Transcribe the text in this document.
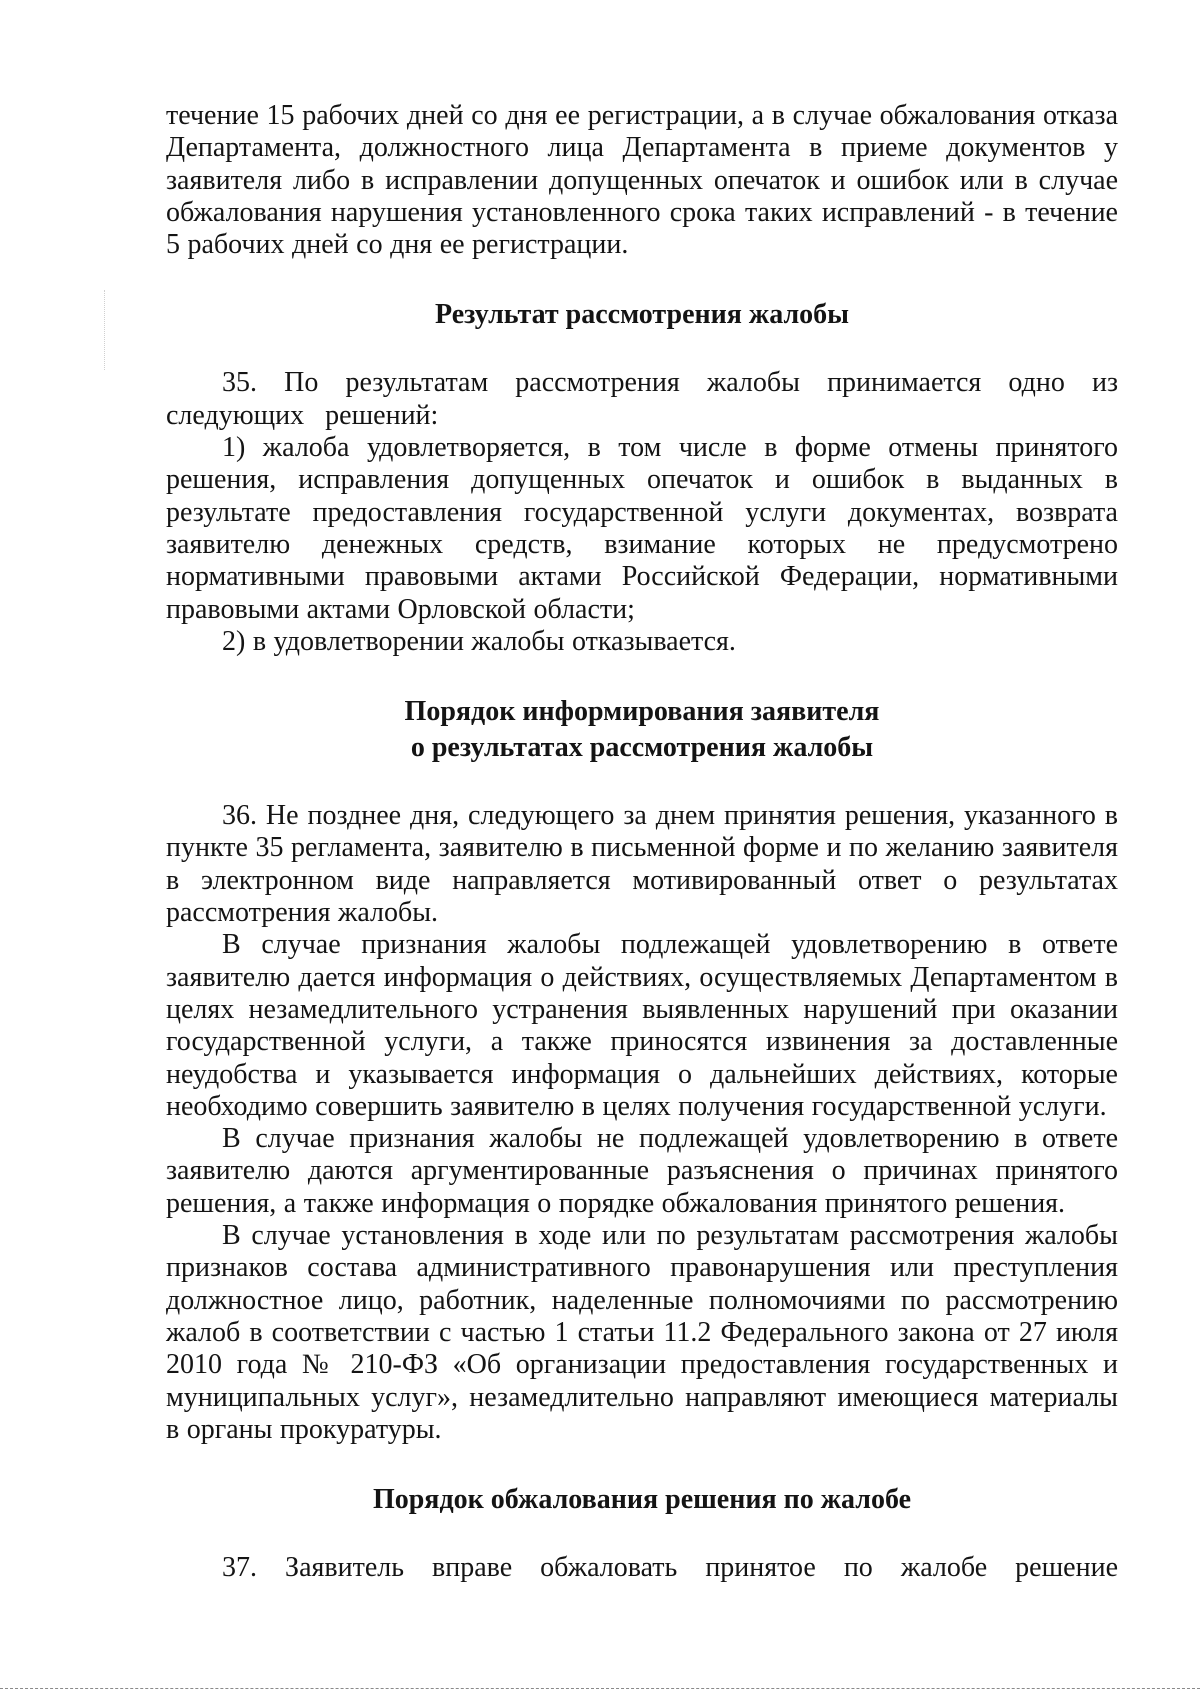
течение 15 рабочих дней со дня ее регистрации, а в случае обжалования отказа Департамента, должностного лица Департамента в приеме документов у заявителя либо в исправлении допущенных опечаток и ошибок или в случае обжалования нарушения установленного срока таких исправлений - в течение 5 рабочих дней со дня ее регистрации.

Результат рассмотрения жалобы

35. По результатам рассмотрения жалобы принимается одно из следующих решений:

1) жалоба удовлетворяется, в том числе в форме отмены принятого решения, исправления допущенных опечаток и ошибок в выданных в результате предоставления государственной услуги документах, возврата заявителю денежных средств, взимание которых не предусмотрено нормативными правовыми актами Российской Федерации, нормативными правовыми актами Орловской области;

2) в удовлетворении жалобы отказывается.

Порядок информирования заявителя
о результатах рассмотрения жалобы

36. Не позднее дня, следующего за днем принятия решения, указанного в пункте 35 регламента, заявителю в письменной форме и по желанию заявителя в электронном виде направляется мотивированный ответ о результатах рассмотрения жалобы.

В случае признания жалобы подлежащей удовлетворению в ответе заявителю дается информация о действиях, осуществляемых Департаментом в целях незамедлительного устранения выявленных нарушений при оказании государственной услуги, а также приносятся извинения за доставленные неудобства и указывается информация о дальнейших действиях, которые необходимо совершить заявителю в целях получения государственной услуги.

В случае признания жалобы не подлежащей удовлетворению в ответе заявителю даются аргументированные разъяснения о причинах принятого решения, а также информация о порядке обжалования принятого решения.

В случае установления в ходе или по результатам рассмотрения жалобы признаков состава административного правонарушения или преступления должностное лицо, работник, наделенные полномочиями по рассмотрению жалоб в соответствии с частью 1 статьи 11.2 Федерального закона от 27 июля 2010 года № 210-ФЗ «Об организации предоставления государственных и муниципальных услуг», незамедлительно направляют имеющиеся материалы в органы прокуратуры.

Порядок обжалования решения по жалобе

37. Заявитель вправе обжаловать принятое по жалобе решение
